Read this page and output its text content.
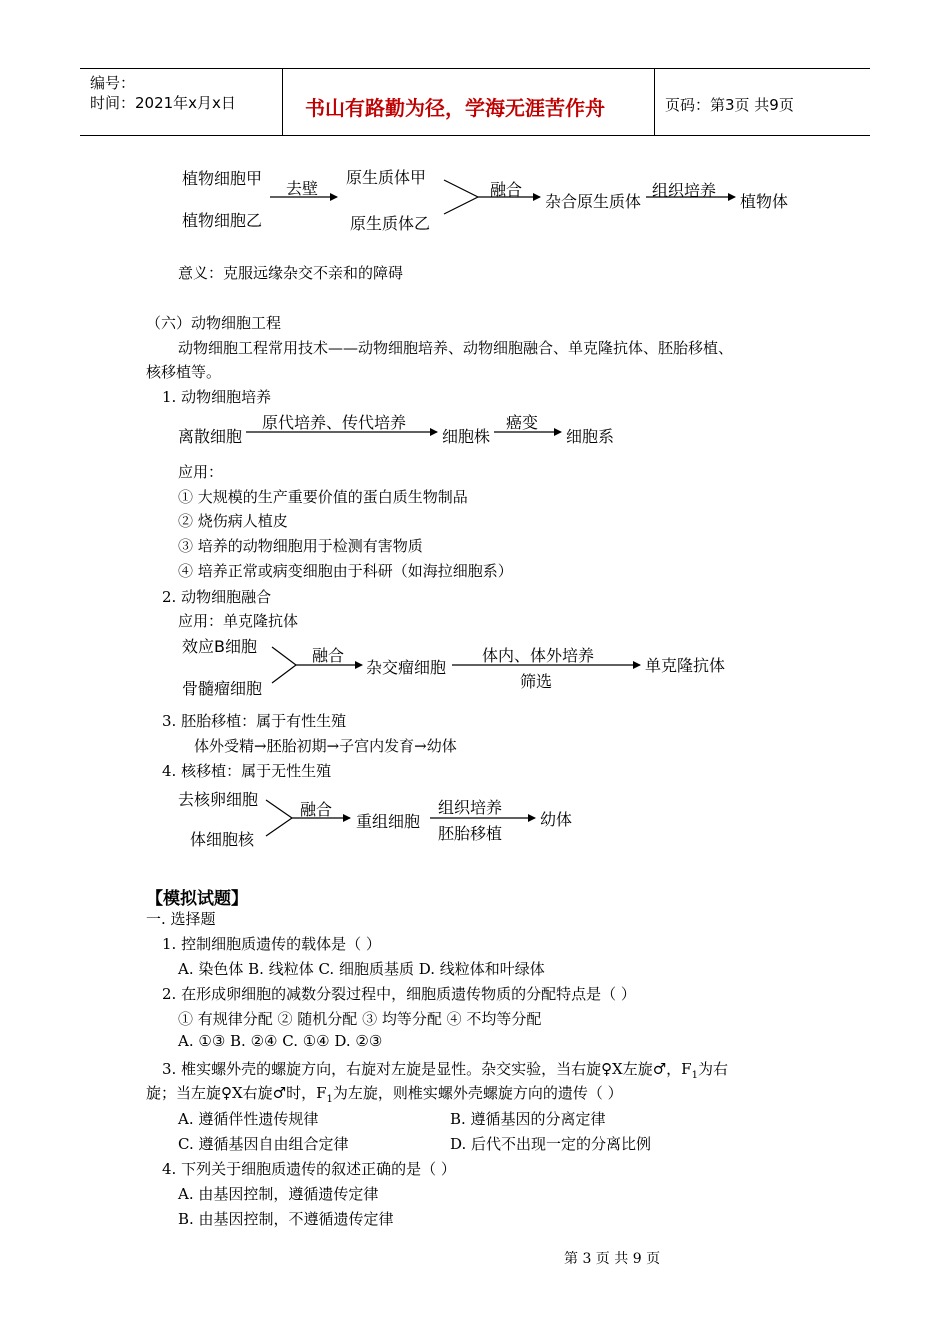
编号：
时间：2021年x月x日	书山有路勤为径，学海无涯苦作舟	页码：第3页 共9页
植物细胞甲
植物细胞乙
去壁
原生质体甲
原生质体乙
融合
杂合原生质体
组织培养
植物体
意义：克服远缘杂交不亲和的障碍
（六）动物细胞工程
动物细胞工程常用技术——动物细胞培养、动物细胞融合、单克隆抗体、胚胎移植、
核移植等。
1. 动物细胞培养
离散细胞
原代培养、传代培养
细胞株
癌变
细胞系
应用：
① 大规模的生产重要价值的蛋白质生物制品
② 烧伤病人植皮
③ 培养的动物细胞用于检测有害物质
④ 培养正常或病变细胞由于科研（如海拉细胞系）
2. 动物细胞融合
应用：单克隆抗体
效应B细胞
骨髓瘤细胞
融合
杂交瘤细胞
体内、体外培养
筛选
单克隆抗体
3. 胚胎移植：属于有性生殖
体外受精→胚胎初期→子宫内发育→幼体
4. 核移植：属于无性生殖
去核卵细胞
体细胞核
融合
重组细胞
组织培养
胚胎移植
幼体
【模拟试题】
一. 选择题
1. 控制细胞质遗传的载体是（ ）
A. 染色体 B. 线粒体 C. 细胞质基质 D. 线粒体和叶绿体
2. 在形成卵细胞的减数分裂过程中，细胞质遗传物质的分配特点是（ ）
① 有规律分配 ② 随机分配 ③ 均等分配 ④ 不均等分配
A. ①③ B. ②④ C. ①④ D. ②③
3. 椎实螺外壳的螺旋方向，右旋对左旋是显性。杂交实验，当右旋♀X左旋♂，$F_1$为右
旋；当左旋♀X右旋♂时，$F_1$为左旋，则椎实螺外壳螺旋方向的遗传（ ）
A. 遵循伴性遗传规律	B. 遵循基因的分离定律
C. 遵循基因自由组合定律	D. 后代不出现一定的分离比例
4. 下列关于细胞质遗传的叙述正确的是（ ）
A. 由基因控制，遵循遗传定律
B. 由基因控制，不遵循遗传定律
第 3 页 共 9 页
